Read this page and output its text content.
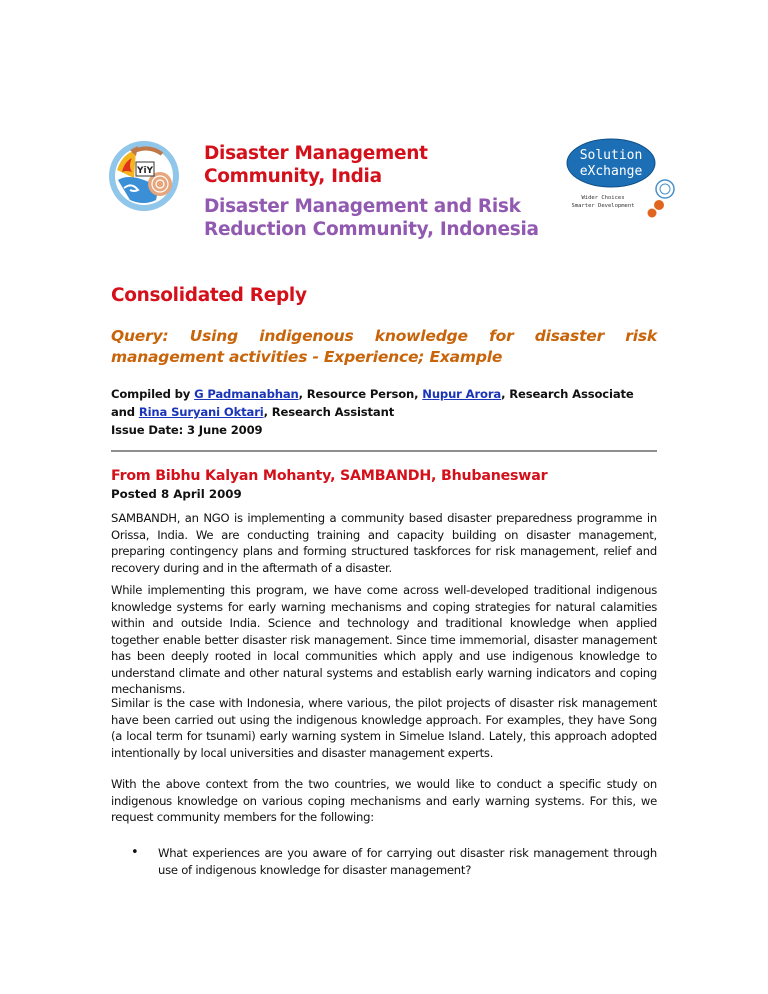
YiY
Disaster Management
Community, India
Disaster Management and Risk
Reduction Community, Indonesia
Solution
eXchange
Wider Choices
Smarter Development
Consolidated Reply
Query: Using indigenous knowledge for disaster risk
management activities - Experience; Example
Compiled by G Padmanabhan, Resource Person, Nupur Arora, Research Associate and Rina Suryani Oktari, Research Assistant
Issue Date: 3 June 2009
From Bibhu Kalyan Mohanty, SAMBANDH, Bhubaneswar
Posted 8 April 2009

SAMBANDH, an NGO is implementing a community based disaster preparedness programme in Orissa, India. We are conducting training and capacity building on disaster management, preparing contingency plans and forming structured taskforces for risk management, relief and recovery during and in the aftermath of a disaster.

While implementing this program, we have come across well-developed traditional indigenous knowledge systems for early warning mechanisms and coping strategies for natural calamities within and outside India. Science and technology and traditional knowledge when applied together enable better disaster risk management. Since time immemorial, disaster management has been deeply rooted in local communities which apply and use indigenous knowledge to understand climate and other natural systems and establish early warning indicators and coping mechanisms.

Similar is the case with Indonesia, where various, the pilot projects of disaster risk management have been carried out using the indigenous knowledge approach. For examples, they have Song (a local term for tsunami) early warning system in Simelue Island. Lately, this approach adopted intentionally by local universities and disaster management experts.

With the above context from the two countries, we would like to conduct a specific study on indigenous knowledge on various coping mechanisms and early warning systems. For this, we request community members for the following:

• What experiences are you aware of for carrying out disaster risk management through use of indigenous knowledge for disaster management?
